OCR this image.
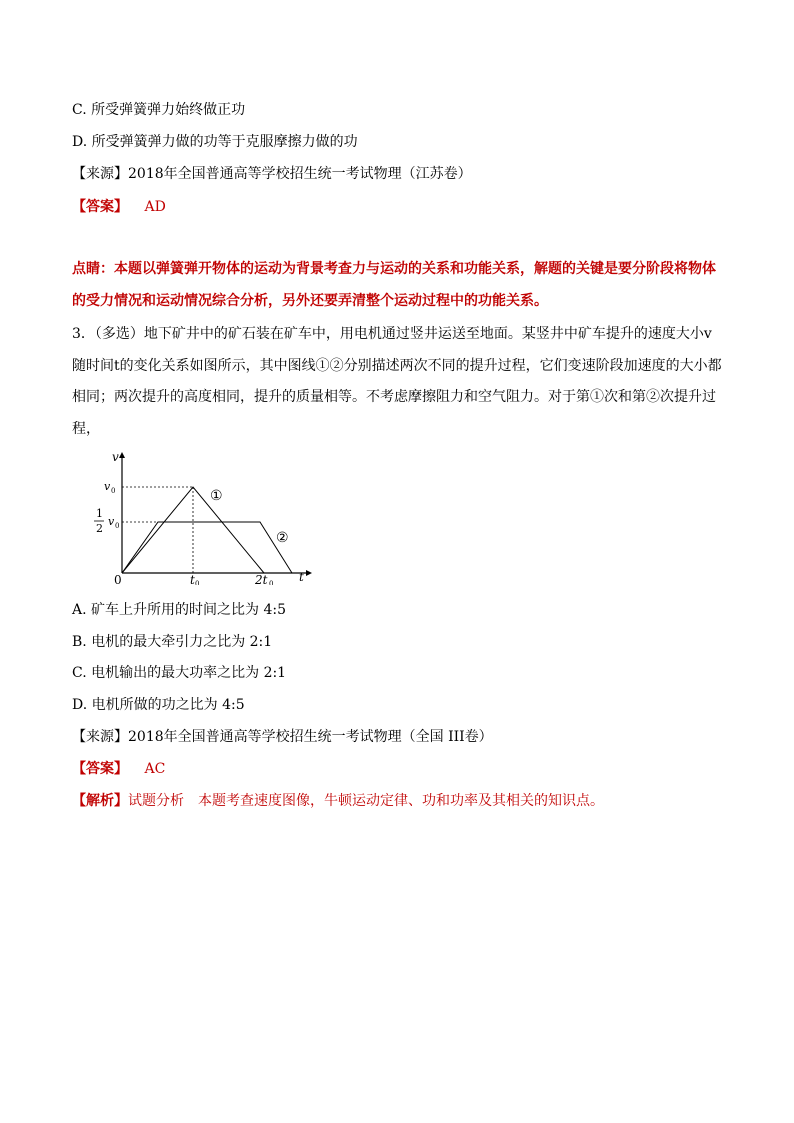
C. 所受弹簧弹力始终做正功
D. 所受弹簧弹力做的功等于克服摩擦力做的功
【来源】2018年全国普通高等学校招生统一考试物理（江苏卷）
【答案】 AD
点睛：本题以弹簧弹开物体的运动为背景考查力与运动的关系和功能关系，解题的关键是要分阶段将物体
的受力情况和运动情况综合分析，另外还要弄清整个运动过程中的功能关系。
3．（多选）地下矿井中的矿石装在矿车中，用电机通过竖井运送至地面。某竖井中矿车提升的速度大小v
随时间t的变化关系如图所示，其中图线①②分别描述两次不同的提升过程，它们变速阶段加速度的大小都
相同；两次提升的高度相同，提升的质量相等。不考虑摩擦阻力和空气阻力。对于第①次和第②次提升过
程，
①
②
v
t
v 0
1
2
v 0
0	t 0	2t 0
A. 矿车上升所用的时间之比为 4:5
B. 电机的最大牵引力之比为 2:1
C. 电机输出的最大功率之比为 2:1
D. 电机所做的功之比为 4:5
【来源】2018年全国普通高等学校招生统一考试物理（全国 III卷）
【答案】 AC
【解析】试题分析　本题考查速度图像，牛顿运动定律、功和功率及其相关的知识点。
